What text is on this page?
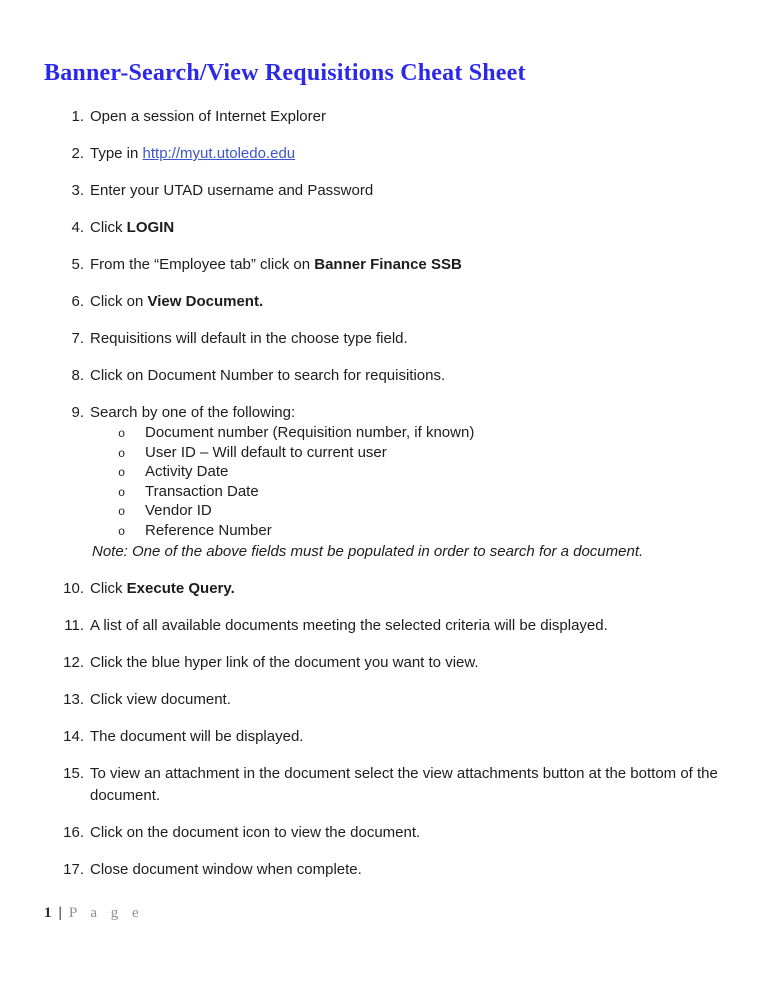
Banner-Search/View Requisitions Cheat Sheet
1. Open a session of Internet Explorer
2. Type in http://myut.utoledo.edu
3. Enter your UTAD username and Password
4. Click LOGIN
5. From the “Employee tab” click on Banner Finance SSB
6. Click on View Document.
7. Requisitions will default in the choose type field.
8. Click on Document Number to search for requisitions.
9. Search by one of the following:
o Document number (Requisition number, if known)
o User ID – Will default to current user
o Activity Date
o Transaction Date
o Vendor ID
o Reference Number
Note: One of the above fields must be populated in order to search for a document.
10. Click Execute Query.
11. A list of all available documents meeting the selected criteria will be displayed.
12. Click the blue hyper link of the document you want to view.
13. Click view document.
14. The document will be displayed.
15. To view an attachment in the document select the view attachments button at the bottom of the document.
16. Click on the document icon to view the document.
17. Close document window when complete.
1 | P a g e
